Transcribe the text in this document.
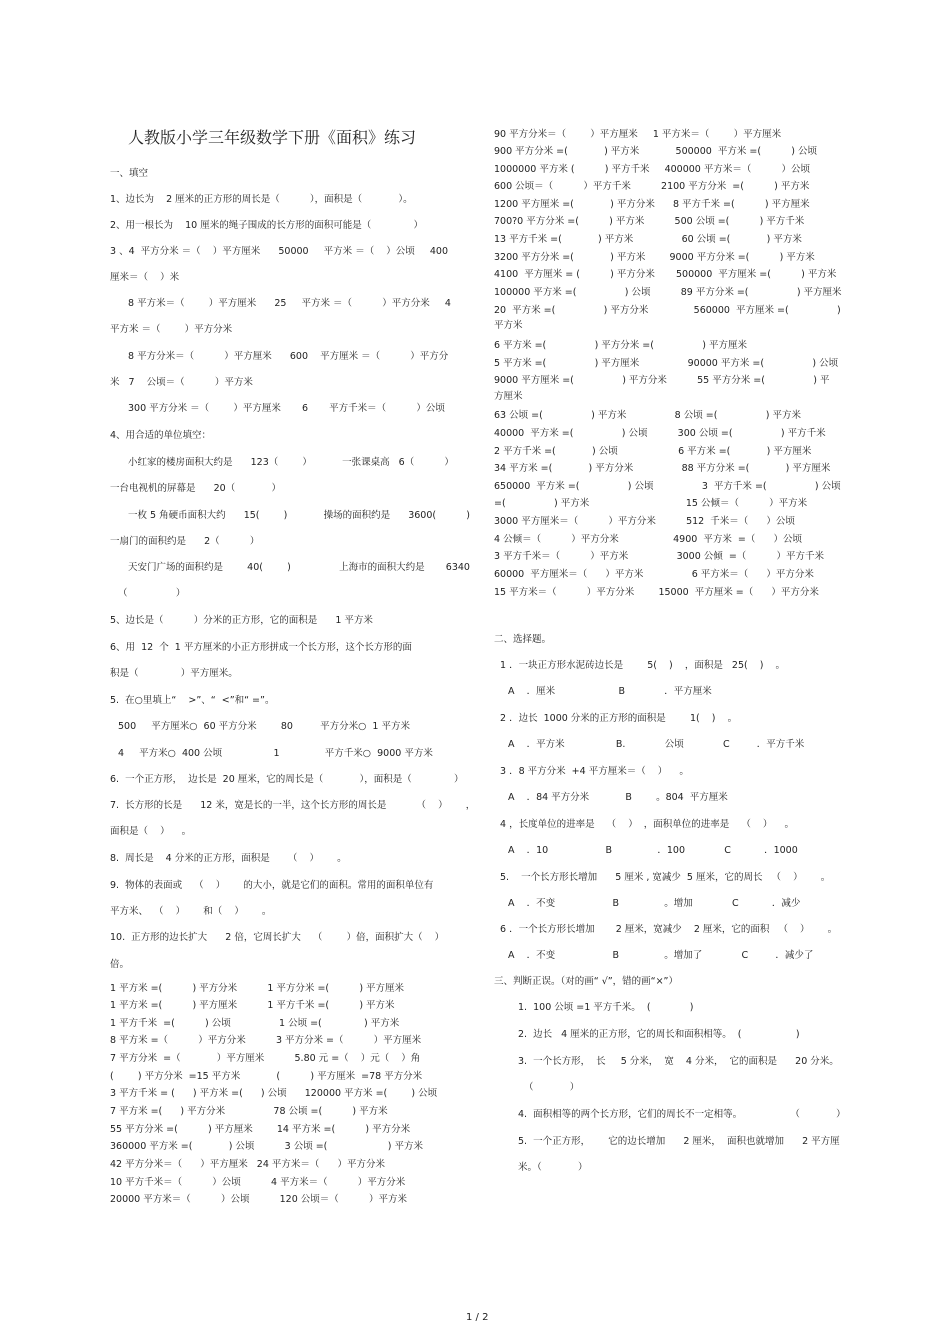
人教版小学三年级数学下册《面积》练习
一、填空
1、边长为    2 厘米的正方形的周长是（          ），面积是（            ）。
2、用一根长为    10 厘米的绳子围成的长方形的面积可能是（              ）
3 、4  平方分米 ＝（    ）平方厘米      50000     平方米 ＝（    ）公顷     400
厘米＝（    ）米
8 平方米＝（        ）平方厘米      25     平方米 ＝（          ）平方分米     4
平方米 ＝（        ）平方分米
8 平方分米＝（          ）平方厘米      600    平方厘米 ＝（          ）平方分
米   7    公顷＝（          ）平方米
300 平方分米 ＝（        ）平方厘米       6       平方千米＝（          ）公顷
4、用合适的单位填空：
小红家的楼房面积大约是      123（        ）          一张课桌高   6（          ）
一台电视机的屏幕是      20（            ）
一枚 5 角硬币面积大约      15(        )            操场的面积约是      3600(          )
一扇门的面积约是      2（          ）
天安门广场的面积约是        40(        )                上海市的面积大约是       6340
（                ）
5、边长是（          ）分米的正方形，它的面积是      1 平方米
6、用  12  个  1 平方厘米的小正方形拼成一个长方形，这个长方形的面
积是（              ）平方厘米。
5.  在○里填上“    >”、“  <”和“ =”。
500     平方厘米○  60 平方分米        80         平方分米○  1 平方米
4     平方米○  400 公顷                 1               平方千米○  9000 平方米
6.  一个正方形，  边长是  20 厘米，它的周长是（            ），面积是（              ）
7.  长方形的长是      12 米，宽是长的一半，这个长方形的周长是          （    ）      ，
面积是（    ）    。
8.  周长是    4 分米的正方形，面积是      （    ）      。
9.  物体的表面或    （    ）      的大小，就是它们的面积。常用的面积单位有
平方米、  （    ）      和（    ）      。
10.  正方形的边长扩大      2 倍，它周长扩大    （        ）倍，面积扩大（    ）
倍。
1 平方米 =(          ) 平方分米          1 平方分米 =(          ) 平方厘米
1 平方米 =(          ) 平方厘米          1 平方千米 =(          ) 平方米
1 平方千米  =(          ) 公顷                1 公顷 =(              ) 平方米
8 平方米 =（          ）平方分米          3 平方分米 =（          ）平方厘米
7 平方分米  =（            ）平方厘米          5.80 元 =（    ）元（    ）角
(        ) 平方分米  =15 平方米            (          ) 平方厘米  =78 平方分米
3 平方千米 = (      ) 平方米 =(      ) 公顷      120000 平方米 =(        ) 公顷
7 平方米 =(      ) 平方分米                78 公顷 =(          ) 平方米
55 平方分米 =(          ) 平方厘米        14 平方米 =(          ) 平方分米
360000 平方米 =(            ) 公顷          3 公顷 =(                    ) 平方米
42 平方分米＝（      ）平方厘米   24 平方米＝（      ）平方分米
10 平方千米＝（          ）公顷          4 平方米＝（          ）平方分米
20000 平方米＝（          ）公顷          120 公顷＝（          ）平方米
90 平方分米＝（        ）平方厘米     1 平方米＝（        ）平方厘米
900 平方分米 =(            ) 平方米            500000  平方米 =(          ) 公顷
1000000 平方米 (          ) 平方千米     400000 平方米＝（          ）公顷
600 公顷＝（          ）平方千米          2100 平方分米  =(          ) 平方米
1200 平方厘米 =(            ) 平方分米      8 平方千米 =(          ) 平方厘米
700?0 平方分米 =(          ) 平方米          500 公顷 =(          ) 平方千米
13 平方千米 =(            ) 平方米                60 公顷 =(            ) 平方米
3200 平方分米 =(            ) 平方米        9000 平方分米 =(          ) 平方米
4100  平方厘米 = (          ) 平方分米       500000  平方厘米 =(          ) 平方米
100000 平方米 =(                ) 公顷          89 平方分米 =(                ) 平方厘米
20  平方米 =(                ) 平方分米               560000  平方厘米 =(                )
平方米
6 平方米 =(                ) 平方分米 =(                ) 平方厘米
5 平方米 =(                ) 平方厘米                90000 平方米 =(                ) 公顷
9000 平方厘米 =(                ) 平方分米          55 平方分米 =(                ) 平
方厘米
63 公顷 =(                ) 平方米                8 公顷 =(                ) 平方米
40000  平方米 =(                ) 公顷          300 公顷 =(                ) 平方千米
2 平方千米 =(            ) 公顷                    6 平方米 =(            ) 平方厘米
34 平方米 =(            ) 平方分米                88 平方分米 =(            ) 平方厘米
650000  平方米 =(                ) 公顷                3  平方千米 =(                ) 公顷
=(                ) 平方米                                15 公倾＝（          ）平方米
3000 平方厘米＝（          ）平方分米          512  千米＝（      ）公顷
4 公倾＝（          ）平方分米                  4900  平方米  =（      ）公顷
3 平方千米＝（          ）平方米                3000 公倾  =（          ）平方千米
60000  平方厘米＝（      ）平方米                6 平方米＝（      ）平方分米
15 平方米＝（          ）平方分米        15000  平方厘米 =（      ）平方分米
二、选择题。
1 ．一块正方形水泥砖边长是        5(    )    ，面积是   25(    )    。
A    ．厘米                     B             ．平方厘米
2 ．边长  1000 分米的正方形的面积是        1(    )    。
A    ．平方米                 B.             公顷             C         ．平方千米
3 ．8 平方分米  +4 平方厘米＝（    ）    。
A    ．84 平方分米            B        。804  平方厘米
4 ，长度单位的进率是    （    ）  ，面积单位的进率是    （    ）    。
A    ．10                   B               ．100             C           ．1000
5.    一个长方形长增加      5 厘米 , 宽减少  5 厘米，它的周长   （    ）      。
A    ．不变                   B               。增加             C           ．减少
6 ．一个长方形长增加       2 厘米，宽减少    2 厘米，它的面积   （    ）      。
A    ．不变                   B               。增加了             C         ．减少了
三、判断正误。（对的画“ √”，错的画“×”）
1.  100 公顷 =1 平方千米。  (             )
2.  边长   4 厘米的正方形，它的周长和面积相等。  (                  )
3.  一个长方形，  长     5 分米，  宽    4 分米，  它的面积是      20 分米。
（            ）
4.  面积相等的两个长方形，它们的周长不一定相等。                （            ）
5.  一个正方形，      它的边长增加      2 厘米，  面积也就增加      2 平方厘
米。（            ）
1 / 2
